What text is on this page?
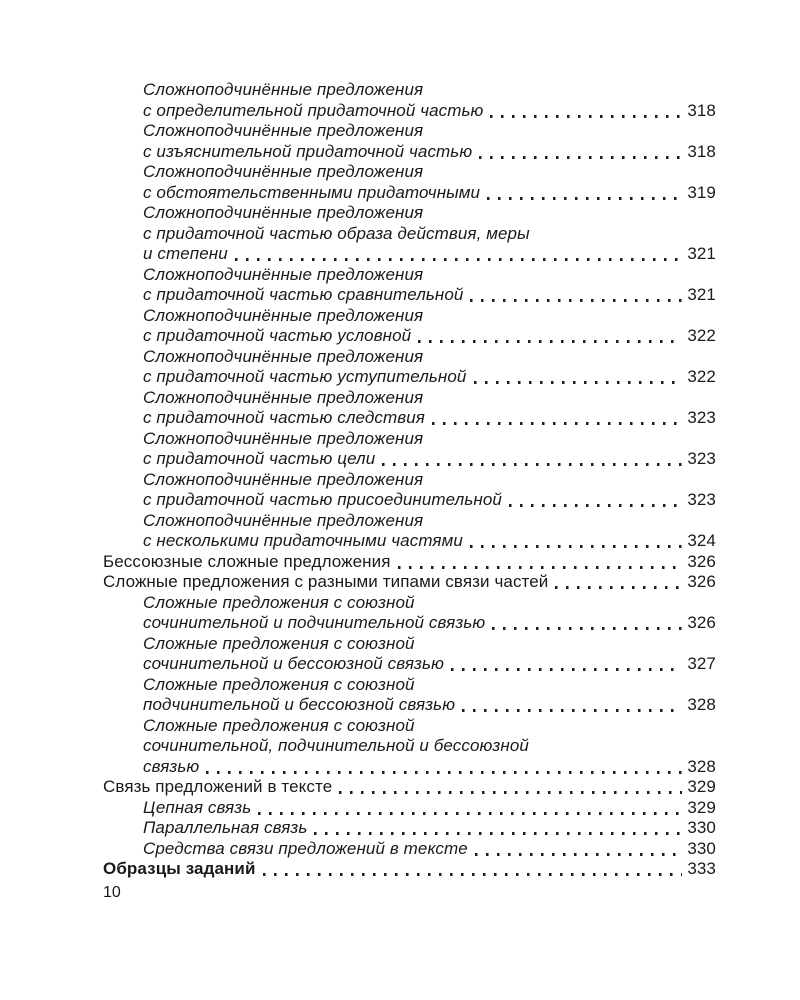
Сложноподчинённые предложения
с определительной придаточной частью	318
Сложноподчинённые предложения
с изъяснительной придаточной частью	318
Сложноподчинённые предложения
с обстоятельственными придаточными	319
Сложноподчинённые предложения
с придаточной частью образа действия, меры
и степени	321
Сложноподчинённые предложения
с придаточной частью сравнительной	321
Сложноподчинённые предложения
с придаточной частью условной	322
Сложноподчинённые предложения
с придаточной частью уступительной	322
Сложноподчинённые предложения
с придаточной частью следствия	323
Сложноподчинённые предложения
с придаточной частью цели	323
Сложноподчинённые предложения
с придаточной частью присоединительной	323
Сложноподчинённые предложения
с несколькими придаточными частями	324
Бессоюзные сложные предложения	326
Сложные предложения с разными типами связи частей	326
Сложные предложения с союзной
сочинительной и подчинительной связью	326
Сложные предложения с союзной
сочинительной и бессоюзной связью	327
Сложные предложения с союзной
подчинительной и бессоюзной связью	328
Сложные предложения с союзной
сочинительной, подчинительной и бессоюзной
связью	328
Связь предложений в тексте	329
Цепная связь	329
Параллельная связь	330
Средства связи предложений в тексте	330
Образцы заданий	333
10
